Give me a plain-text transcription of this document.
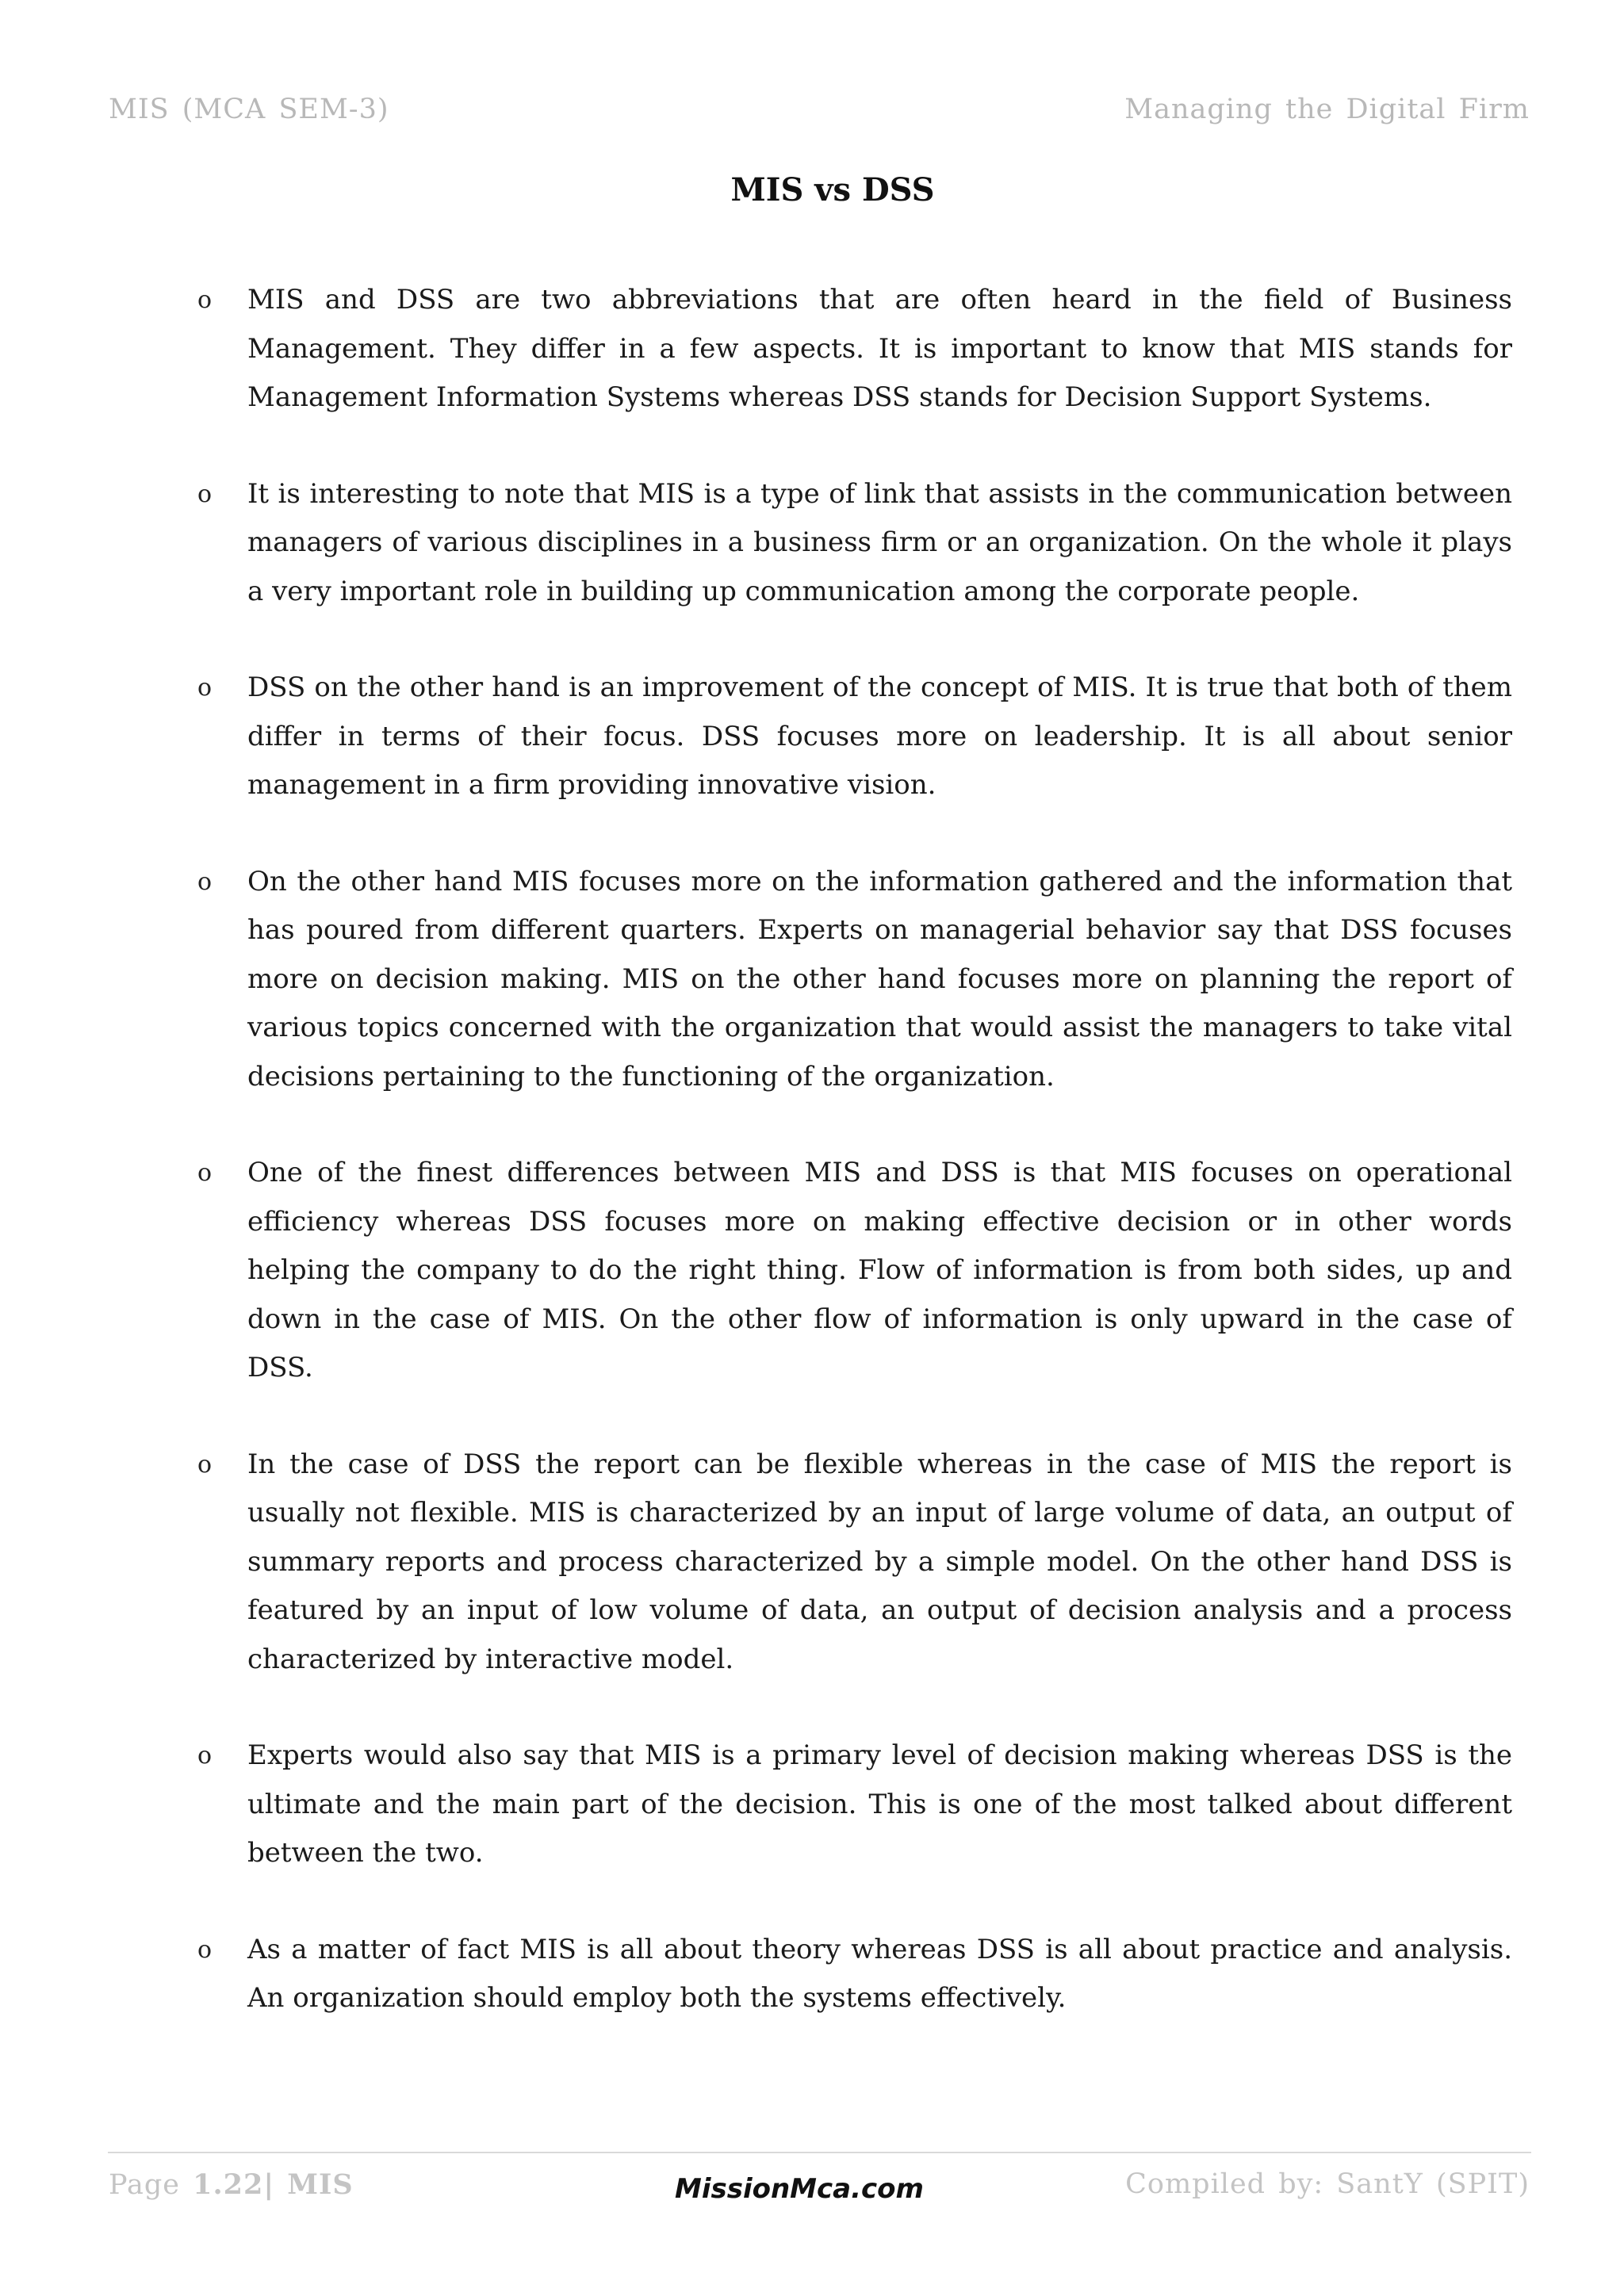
MIS (MCA SEM-3)	Managing the Digital Firm
MIS vs DSS
o MIS and DSS are two abbreviations that are often heard in the field of Business Management. They differ in a few aspects. It is important to know that MIS stands for Management Information Systems whereas DSS stands for Decision Support Systems.
o It is interesting to note that MIS is a type of link that assists in the communication between managers of various disciplines in a business firm or an organization. On the whole it plays a very important role in building up communication among the corporate people.
o DSS on the other hand is an improvement of the concept of MIS. It is true that both of them differ in terms of their focus. DSS focuses more on leadership. It is all about senior management in a firm providing innovative vision.
o On the other hand MIS focuses more on the information gathered and the information that has poured from different quarters. Experts on managerial behavior say that DSS focuses more on decision making. MIS on the other hand focuses more on planning the report of various topics concerned with the organization that would assist the managers to take vital decisions pertaining to the functioning of the organization.
o One of the finest differences between MIS and DSS is that MIS focuses on operational efficiency whereas DSS focuses more on making effective decision or in other words helping the company to do the right thing. Flow of information is from both sides, up and down in the case of MIS. On the other flow of information is only upward in the case of DSS.
o In the case of DSS the report can be flexible whereas in the case of MIS the report is usually not flexible. MIS is characterized by an input of large volume of data, an output of summary reports and process characterized by a simple model. On the other hand DSS is featured by an input of low volume of data, an output of decision analysis and a process characterized by interactive model.
o Experts would also say that MIS is a primary level of decision making whereas DSS is the ultimate and the main part of the decision. This is one of the most talked about different between the two.
o As a matter of fact MIS is all about theory whereas DSS is all about practice and analysis. An organization should employ both the systems effectively.
Page 1.22| MIS	MissionMca.com	Compiled by: SantY (SPIT)
